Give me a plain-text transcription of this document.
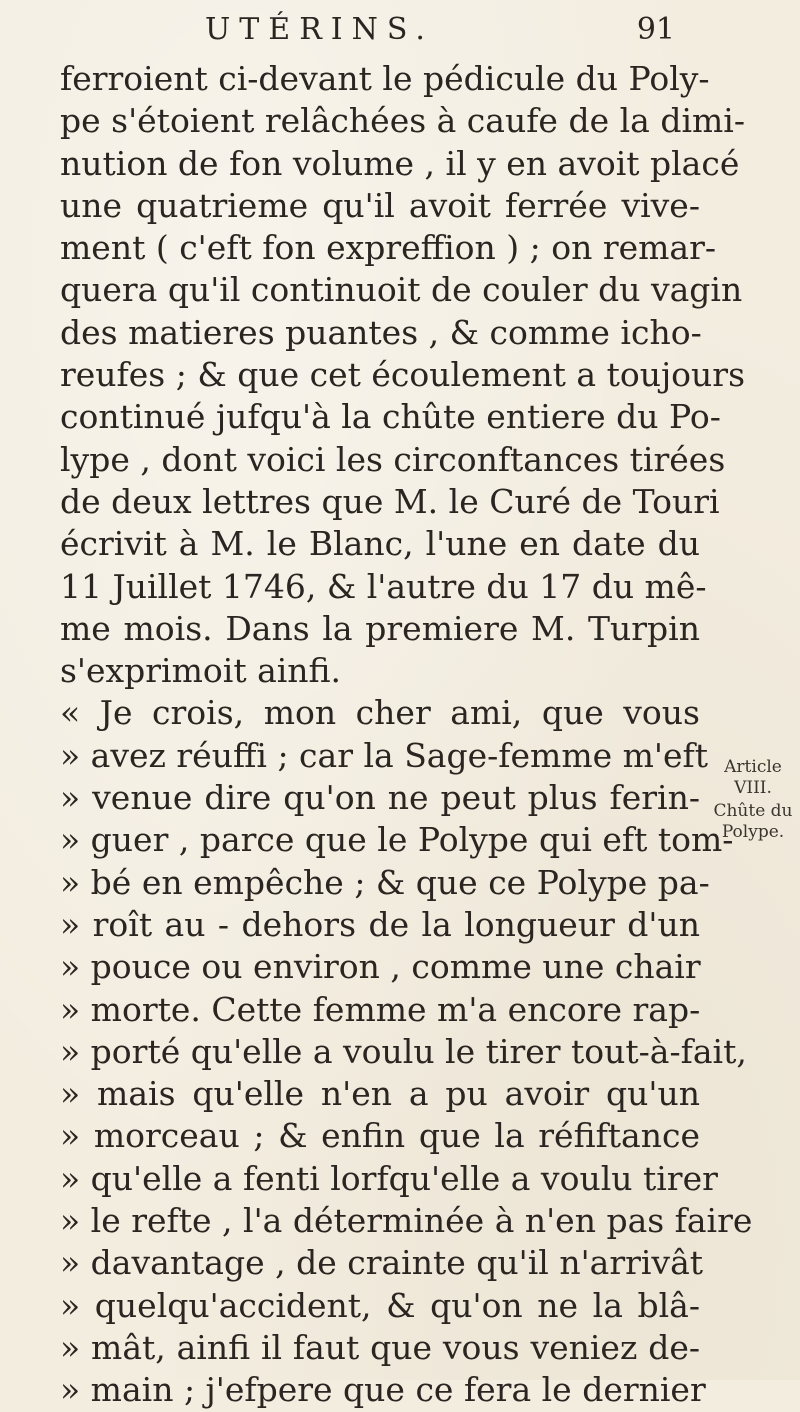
UTÉRINS.	91
ferroient ci-devant le pédicule du Poly-
pe s'étoient relâchées à caufe de la dimi-
nution de fon volume , il y en avoit placé
une quatrieme qu'il avoit ferrée vive-
ment ( c'eft fon expreffion ) ; on remar-
quera qu'il continuoit de couler du vagin
des matieres puantes , & comme icho-
reufes ; & que cet écoulement a toujours
continué jufqu'à la chûte entiere du Po-
lype , dont voici les circonftances tirées
de deux lettres que M. le Curé de Touri
écrivit à M. le Blanc, l'une en date du
11 Juillet 1746, & l'autre du 17 du mê-
me mois. Dans la premiere M. Turpin
s'exprimoit ainfi.
« Je crois, mon cher ami, que vous
» avez réuffi ; car la Sage-femme m'eft
» venue dire qu'on ne peut plus ferin-
» guer , parce que le Polype qui eft tom-
» bé en empêche ; & que ce Polype pa-
» roît au - dehors de la longueur d'un
» pouce ou environ , comme une chair
» morte. Cette femme m'a encore rap-
» porté qu'elle a voulu le tirer tout-à-fait,
» mais qu'elle n'en a pu avoir qu'un
» morceau ; & enfin que la réfiftance
» qu'elle a fenti lorfqu'elle a voulu tirer
» le refte , l'a déterminée à n'en pas faire
» davantage , de crainte qu'il n'arrivât
» quelqu'accident, & qu'on ne la blâ-
» mât, ainfi il faut que vous veniez de-
» main ; j'efpere que ce fera le dernier
Article VIII.
Chûte du Polype.
